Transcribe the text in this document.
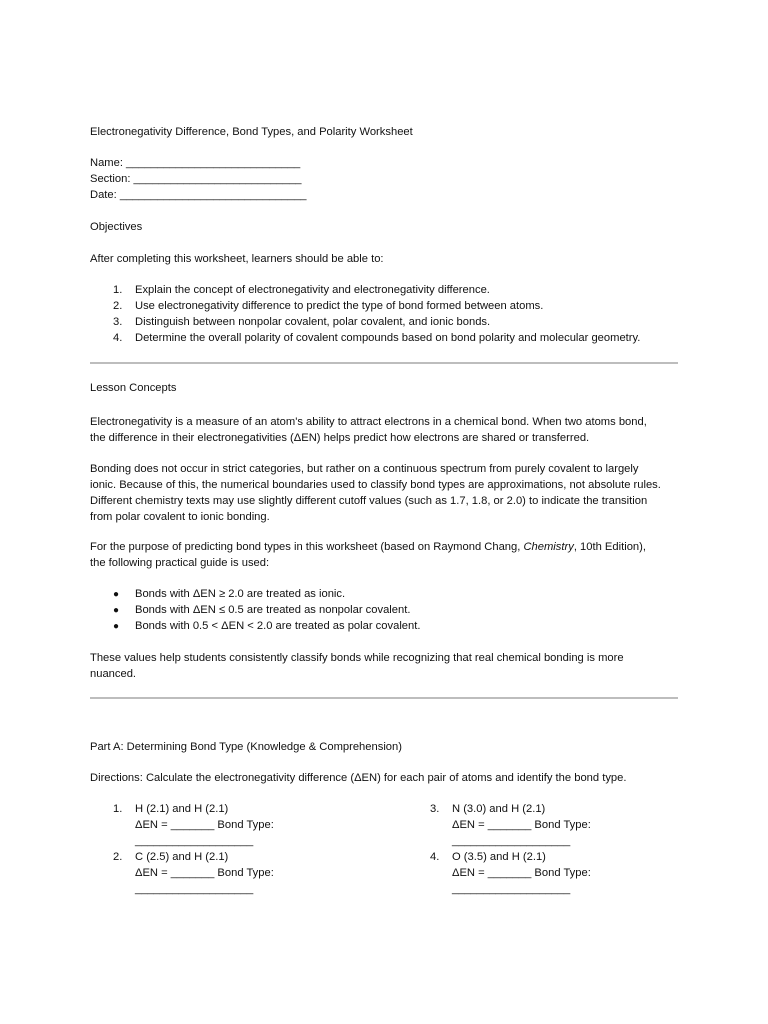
Electronegativity Difference, Bond Types, and Polarity Worksheet
Name: ____________________________
Section: ___________________________
Date: ______________________________
Objectives
After completing this worksheet, learners should be able to:
1.	Explain the concept of electronegativity and electronegativity difference.
2.	Use electronegativity difference to predict the type of bond formed between atoms.
3.	Distinguish between nonpolar covalent, polar covalent, and ionic bonds.
4.	Determine the overall polarity of covalent compounds based on bond polarity and molecular geometry.
Lesson Concepts
Electronegativity is a measure of an atom's ability to attract electrons in a chemical bond. When two atoms bond,
the difference in their electronegativities (ΔEN) helps predict how electrons are shared or transferred.
Bonding does not occur in strict categories, but rather on a continuous spectrum from purely covalent to largely
ionic. Because of this, the numerical boundaries used to classify bond types are approximations, not absolute rules.
Different chemistry texts may use slightly different cutoff values (such as 1.7, 1.8, or 2.0) to indicate the transition
from polar covalent to ionic bonding.
For the purpose of predicting bond types in this worksheet (based on Raymond Chang, Chemistry, 10th Edition),
the following practical guide is used:
● Bonds with ΔEN ≥ 2.0 are treated as ionic.
● Bonds with ΔEN ≤ 0.5 are treated as nonpolar covalent.
● Bonds with 0.5 < ΔEN < 2.0 are treated as polar covalent.
These values help students consistently classify bonds while recognizing that real chemical bonding is more
nuanced.
Part A: Determining Bond Type (Knowledge & Comprehension)
Directions: Calculate the electronegativity difference (ΔEN) for each pair of atoms and identify the bond type.
1. H (2.1) and H (2.1)
ΔEN = _______ Bond Type:
___________________
2. C (2.5) and H (2.1)
ΔEN = _______ Bond Type:
___________________
3. N (3.0) and H (2.1)
ΔEN = _______ Bond Type:
___________________
4. O (3.5) and H (2.1)
ΔEN = _______ Bond Type:
___________________
